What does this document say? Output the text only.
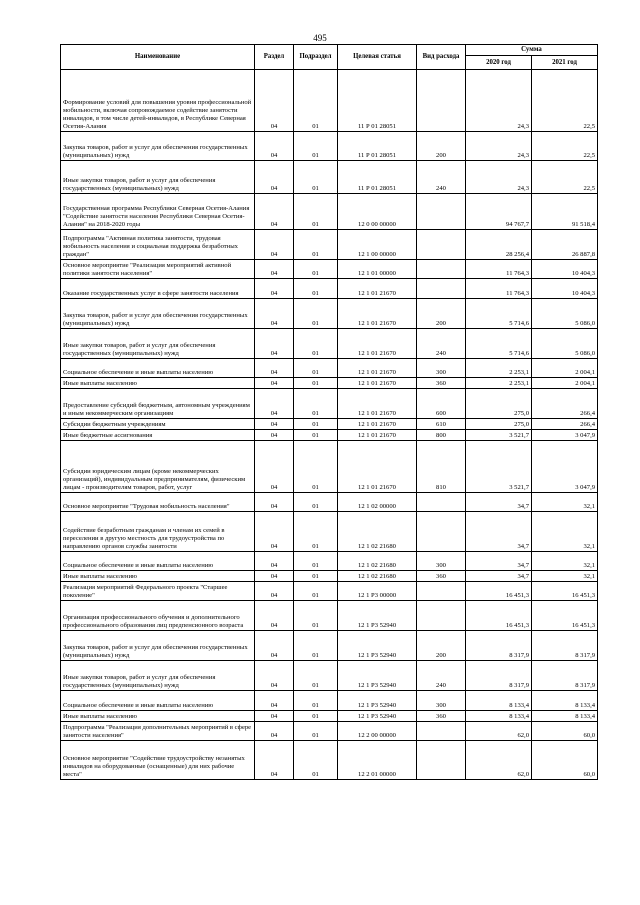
495
Наименование	Раздел	Подраздел	Целевая статья	Вид расхода	Сумма	
					2020 год	2021 год
Формирование условий для повышения уровня профессиональной мобильности, включая сопровождаемое содействие занятости инвалидов, в том числе детей-инвалидов, в Республике Северная Осетия-Алания	04	01	11 Р 01 28051		24,3	22,5
Закупка товаров, работ и услуг для обеспечения государственных (муниципальных) нужд	04	01	11 Р 01 28051	200	24,3	22,5
Иные закупки товаров, работ и услуг для обеспечения государственных (муниципальных) нужд	04	01	11 Р 01 28051	240	24,3	22,5
Государственная программа Республики Северная Осетия-Алания "Содействие занятости населения Республики Северная Осетия-Алания" на 2018-2020 годы	04	01	12 0 00 00000		94 767,7	91 518,4
Подпрограмма "Активная политика занятости, трудовая мобильность населения и социальная поддержка безработных граждан"	04	01	12 1 00 00000		28 256,4	26 887,8
Основное мероприятие "Реализация мероприятий активной политики занятости населения"	04	01	12 1 01 00000		11 764,3	10 404,3
Оказание государственных услуг в сфере занятости населения	04	01	12 1 01 21670		11 764,3	10 404,3
Закупка товаров, работ и услуг для обеспечения государственных (муниципальных) нужд	04	01	12 1 01 21670	200	5 714,6	5 086,0
Иные закупки товаров, работ и услуг для обеспечения государственных (муниципальных) нужд	04	01	12 1 01 21670	240	5 714,6	5 086,0
Социальное обеспечение и иные выплаты населению	04	01	12 1 01 21670	300	2 253,1	2 004,1
Иные выплаты населению	04	01	12 1 01 21670	360	2 253,1	2 004,1
Предоставление субсидий бюджетным, автономным учреждениям и иным некоммерческим организациям	04	01	12 1 01 21670	600	275,0	266,4
Субсидии бюджетным учреждениям	04	01	12 1 01 21670	610	275,0	266,4
Иные бюджетные ассигнования	04	01	12 1 01 21670	800	3 521,7	3 047,9
Субсидии юридическим лицам (кроме некоммерческих организаций), индивидуальным предпринимателям, физическим лицам - производителям товаров, работ, услуг	04	01	12 1 01 21670	810	3 521,7	3 047,9
Основное мероприятие "Трудовая мобильность населения"	04	01	12 1 02 00000		34,7	32,1
Содействие безработным гражданам и членам их семей в переселении в другую местность для трудоустройства по направлению органов службы занятости	04	01	12 1 02 21680		34,7	32,1
Социальное обеспечение и иные выплаты населению	04	01	12 1 02 21680	300	34,7	32,1
Иные выплаты населению	04	01	12 1 02 21680	360	34,7	32,1
Реализация мероприятий Федерального проекта "Старшее поколение"	04	01	12 1 Р3 00000		16 451,3	16 451,3
Организация профессионального обучения и дополнительного профессионального образования лиц предпенсионного возраста	04	01	12 1 Р3 52940		16 451,3	16 451,3
Закупка товаров, работ и услуг для обеспечения государственных (муниципальных) нужд	04	01	12 1 Р3 52940	200	8 317,9	8 317,9
Иные закупки товаров, работ и услуг для обеспечения государственных (муниципальных) нужд	04	01	12 1 Р3 52940	240	8 317,9	8 317,9
Социальное обеспечение и иные выплаты населению	04	01	12 1 Р3 52940	300	8 133,4	8 133,4
Иные выплаты населению	04	01	12 1 Р3 52940	360	8 133,4	8 133,4
Подпрограмма "Реализация дополнительных мероприятий в сфере занятости населения"	04	01	12 2 00 00000		62,0	60,0
Основное мероприятие "Содействие трудоустройству незанятых инвалидов на оборудованные (оснащенные) для них рабочие места"	04	01	12 2 01 00000		62,0	60,0
